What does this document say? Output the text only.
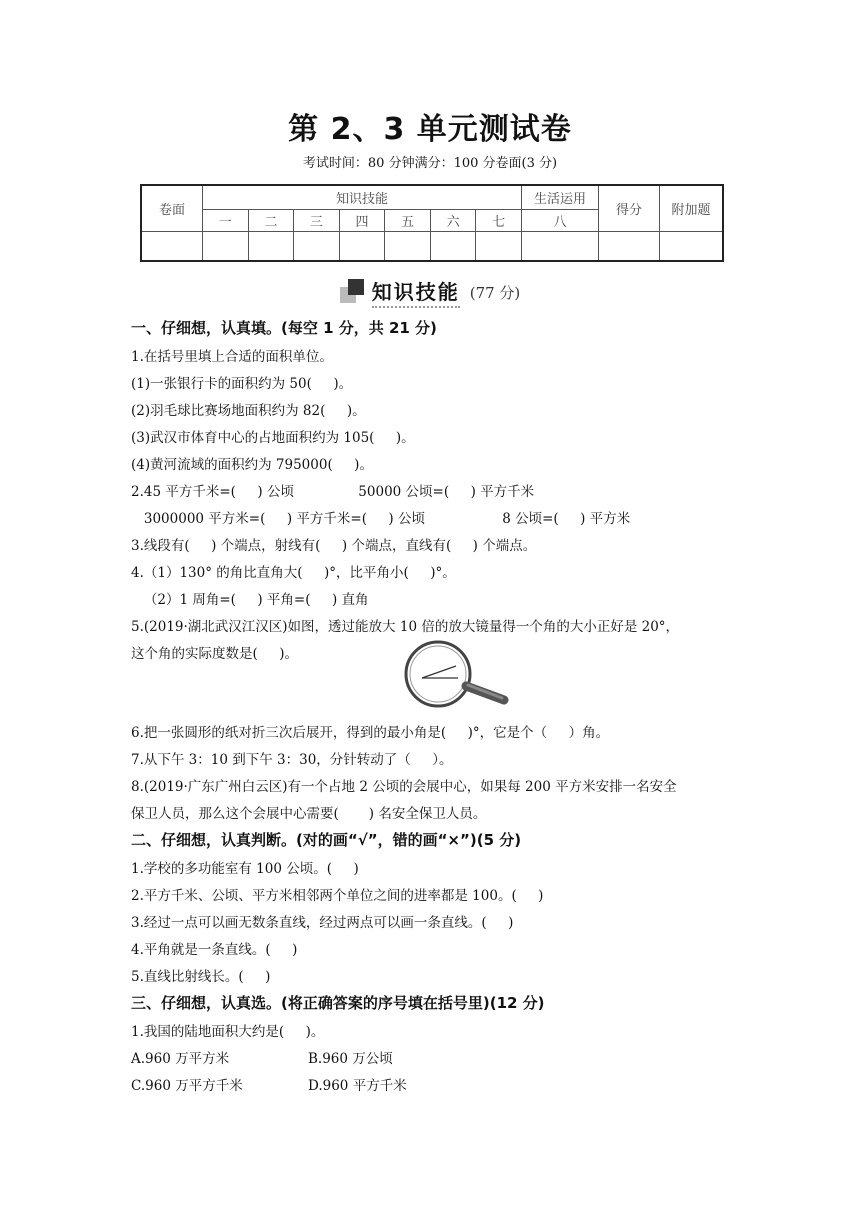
第 2、3 单元测试卷
考试时间：80 分钟满分：100 分卷面(3 分)
卷面	知识技能							生活运用	得分	附加题
	一	二	三	四	五	六	七	八		

知识技能 (77 分)
一、仔细想，认真填。(每空 1 分，共 21 分)
1.在括号里填上合适的面积单位。
(1)一张银行卡的面积约为 50(     )。
(2)羽毛球比赛场地面积约为 82(     )。
(3)武汉市体育中心的占地面积约为 105(     )。
(4)黄河流域的面积约为 795000(     )。
2.45 平方千米=(     ) 公顷               50000 公顷=(     ) 平方千米
3000000 平方米=(     ) 平方千米=(     ) 公顷                  8 公顷=(     ) 平方米
3.线段有(     ) 个端点，射线有(     ) 个端点，直线有(     ) 个端点。
4.（1）130° 的角比直角大(     )°，比平角小(     )°。
（2）1 周角=(     ) 平角=(     ) 直角
5.(2019·湖北武汉江汉区)如图，透过能放大 10 倍的放大镜量得一个角的大小正好是 20°，
这个角的实际度数是(     )。
6.把一张圆形的纸对折三次后展开，得到的最小角是(     )°，它是个（     ）角。
7.从下午 3：10 到下午 3：30，分针转动了（     ）。
8.(2019·广东广州白云区)有一个占地 2 公顷的会展中心，如果每 200 平方米安排一名安全
保卫人员，那么这个会展中心需要(       ) 名安全保卫人员。
二、仔细想，认真判断。(对的画“√”，错的画“×”)(5 分)
1.学校的多功能室有 100 公顷。(     )
2.平方千米、公顷、平方米相邻两个单位之间的进率都是 100。(     )
3.经过一点可以画无数条直线，经过两点可以画一条直线。(     )
4.平角就是一条直线。(     )
5.直线比射线长。(     )
三、仔细想，认真选。(将正确答案的序号填在括号里)(12 分)
1.我国的陆地面积大约是(     )。
A.960 万平方米	B.960 万公顷
C.960 万平方千米	D.960 平方千米
